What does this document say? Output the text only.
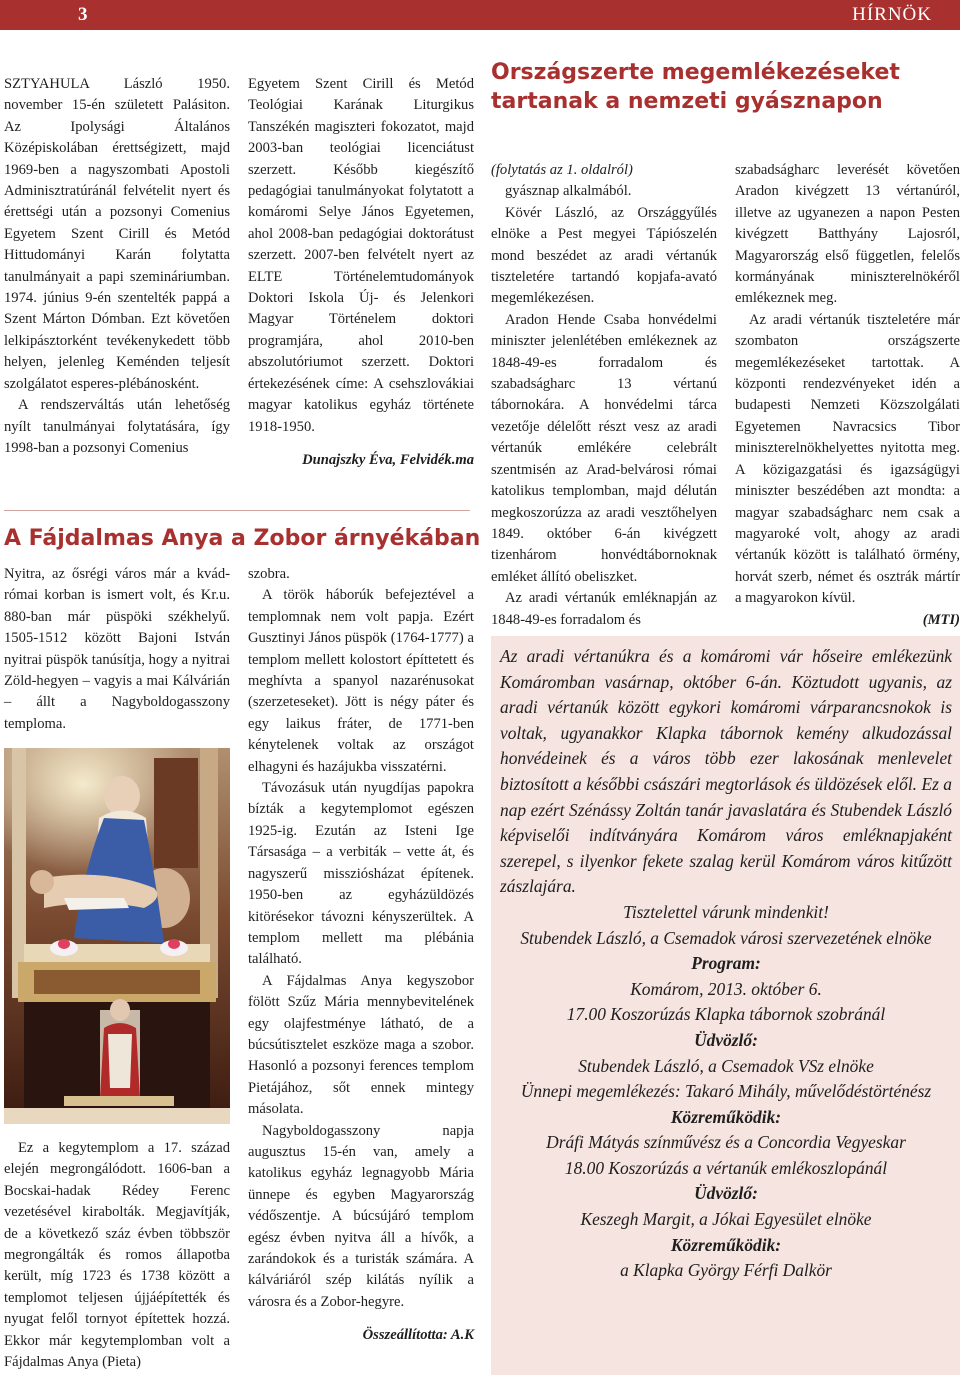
3	HÍRNÖK

SZTYAHULA László 1950. november 15-én született Palásiton. Az Ipolysági Általános Középiskolában érettségizett, majd 1969-ben a nagyszombati Apostoli Adminisztratúránál felvételit nyert és érettségi után a pozsonyi Comenius Egyetem Szent Cirill és Metód Hittudományi Karán folytatta tanulmányait a papi szemináriumban. 1974. június 9-én szentelték pappá a Szent Márton Dómban. Ezt követően lelkipásztorként tevékenykedett több helyen, jelenleg Keménden teljesít szolgálatot esperes-plébánosként.

A rendszerváltás után lehetőség nyílt tanulmányai folytatására, így 1998-ban a pozsonyi Comenius

Egyetem Szent Cirill és Metód Teológiai Karának Liturgikus Tanszékén magiszteri fokozatot, majd 2003-ban teológiai licenciátust szerzett. Később kiegészítő pedagógiai tanulmányokat folytatott a komáromi Selye János Egyetemen, ahol 2008-ban pedagógiai doktorátust szerzett. 2007-ben felvételt nyert az ELTE Történelemtudományok Doktori Iskola Új- és Jelenkori Magyar Történelem doktori programjára, ahol 2010-ben abszolutóriumot szerzett. Doktori értekezésének címe: A csehszlovákiai magyar katolikus egyház története 1918-1950.

Dunajszky Éva, Felvidék.ma

Országszerte megemlékezéseket tartanak a nemzeti gyásznapon

(folytatás az 1. oldalról)

gyásznap alkalmából.

Kövér László, az Országgyűlés elnöke a Pest megyei Tápiószelén mond beszédet az aradi vértanúk tiszteletére tartandó kopjafa-avató megemlékezésen.

Aradon Hende Csaba honvédelmi miniszter jelenlétében emlékeznek az 1848-49-es forradalom és szabadságharc 13 vértanú tábornokára. A honvédelmi tárca vezetője délelőtt részt vesz az aradi vértanúk emlékére celebrált szentmisén az Arad-belvárosi római katolikus templomban, majd délután megkoszorúzza az aradi vesztőhelyen 1849. október 6-án kivégzett tizenhárom honvédtábornoknak emléket állító obeliszket.

Az aradi vértanúk emléknapján az 1848-49-es forradalom és

szabadságharc leverését követően Aradon kivégzett 13 vértanúról, illetve az ugyanezen a napon Pesten kivégzett Batthyány Lajosról, Magyarország első független, felelős kormányának miniszterelnökéről emlékeznek meg.

Az aradi vértanúk tiszteletére már szombaton országszerte megemlékezéseket tartottak. A központi rendezvényeket idén a budapesti Nemzeti Közszolgálati Egyetemen Navracsics Tibor miniszterelnökhelyettes nyitotta meg. A közigazgatási és igazságügyi miniszter beszédében azt mondta: a magyar szabadságharc nem csak a magyaroké volt, ahogy az aradi vértanúk között is található örmény, horvát szerb, német és osztrák mártír a magyarokon kívül.

(MTI)

A Fájdalmas Anya a Zobor árnyékában

Nyitra, az ősrégi város már a kvád-római korban is ismert volt, és Kr.u. 880-ban már püspöki székhelyű. 1505-1512 között Bajoni István nyitrai püspök tanúsítja, hogy a nyitrai Zöld-hegyen – vagyis a mai Kálvárián – állt a Nagyboldogasszony temploma.

Ez a kegytemplom a 17. század elején megrongálódott. 1606-ban a Bocskai-hadak Rédey Ferenc vezetésével kirabolták. Megjavítják, de a következő száz évben többször megrongálták és romos állapotba került, míg 1723 és 1738 között a templomot teljesen újjáépítették és nyugat felől tornyot építettek hozzá. Ekkor már kegytemplomban volt a Fájdalmas Anya (Pieta)

szobra.

A török háborúk befejeztével a templomnak nem volt papja. Ezért Gusztinyi János püspök (1764-1777) a templom mellett kolostort építtetett és meghívta a spanyol nazarénusokat (szerzeteseket). Jött is négy páter és egy laikus fráter, de 1771-ben kénytelenek voltak az országot elhagyni és hazájukba visszatérni.

Távozásuk után nyugdíjas papokra bízták a kegytemplomot egészen 1925-ig. Ezután az Isteni Ige Társasága – a verbiták – vette át, és nagyszerű missziósházat építenek. 1950-ben az egyházüldözés kitörésekor távozni kényszerültek. A templom mellett ma plébánia található.

A Fájdalmas Anya kegyszobor fölött Szűz Mária mennybevitelének egy olajfestménye látható, de a búcsútisztelet eszköze maga a szobor. Hasonló a pozsonyi ferences templom Pietájához, sőt ennek mintegy másolata.

Nagyboldogasszony napja augusztus 15-én van, amely a katolikus egyház legnagyobb Mária ünnepe és egyben Magyarország védőszentje. A búcsújáró templom egész évben nyitva áll a hívők, a zarándokok és a turisták számára. A kálváriáról szép kilátás nyílik a városra és a Zobor-hegyre.

Összeállította: A.K

Az aradi vértanúkra és a komáromi vár hőseire emlékezünk Komáromban vasárnap, október 6-án. Köztudott ugyanis, az aradi vértanúk között egykori komáromi várparancsnokok is voltak, ugyanakkor Klapka tábornok kemény alkudozással honvédeinek és a város több ezer lakosának menlevelet biztosított a későbbi császári megtorlások és üldözések elől. Ez a nap ezért Szénássy Zoltán tanár javaslatára és Stubendek László képviselői indítványára Komárom város emléknapjaként szerepel, s ilyenkor fekete szalag kerül Komárom város kitűzött zászlajára.

Tisztelettel várunk mindenkit!

Stubendek László, a Csemadok városi szervezetének elnöke

Program:

Komárom, 2013. október 6.

17.00 Koszorúzás Klapka tábornok szobránál

Üdvözlő:

Stubendek László, a Csemadok VSz elnöke

Ünnepi megemlékezés: Takaró Mihály, művelődéstörténész

Közreműködik:

Dráfi Mátyás színművész és a Concordia Vegyeskar

18.00 Koszorúzás a vértanúk emlékoszlopánál

Üdvözlő:

Keszegh Margit, a Jókai Egyesület elnöke

Közreműködik:

a Klapka György Férfi Dalkör
